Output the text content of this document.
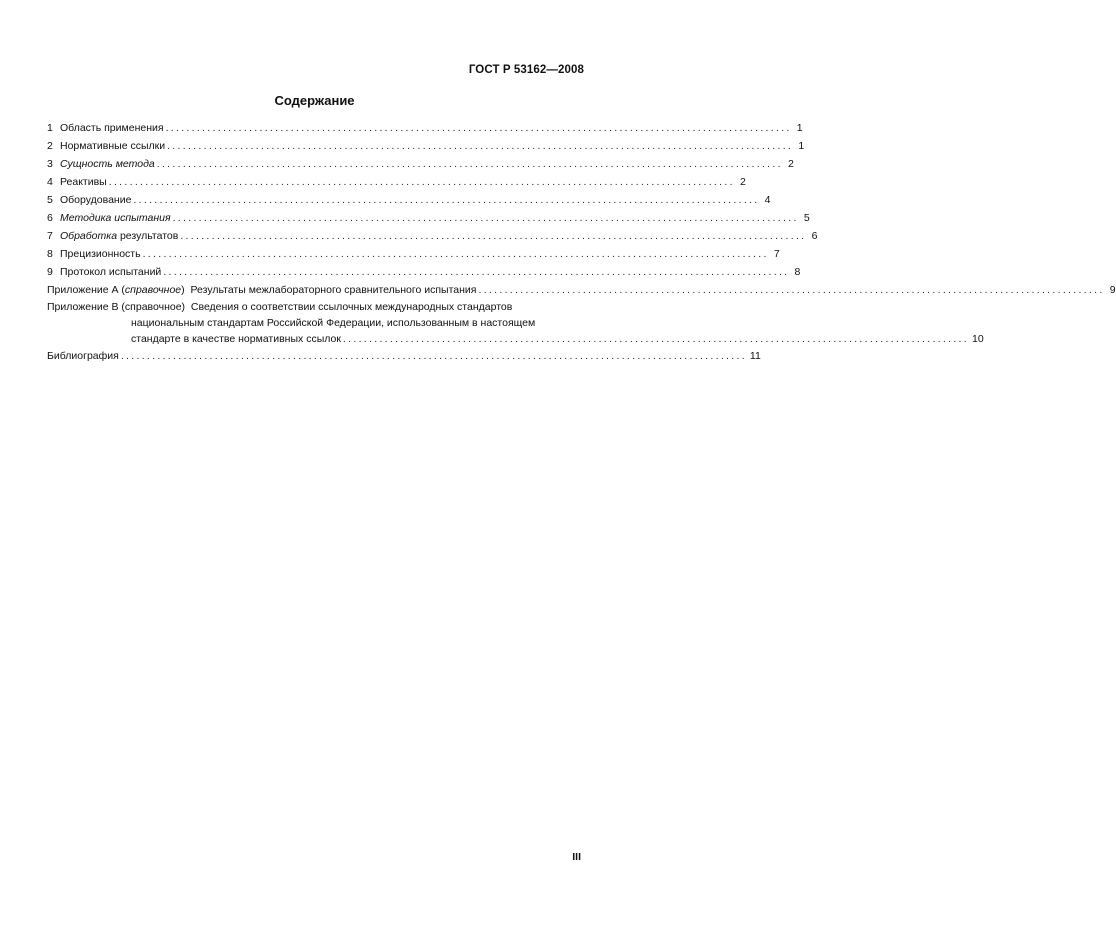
ГОСТ Р 53162—2008
Содержание
1 Область применения ........................................................................................................................ 1
2 Нормативные ссылки ........................................................................................................................ 1
3 Сущность метода ........................................................................................................................ 2
4 Реактивы ........................................................................................................................ 2
5 Оборудование ........................................................................................................................ 4
6 Методика испытания ........................................................................................................................ 5
7 Обработка результатов ........................................................................................................................ 6
8 Прецизионность ........................................................................................................................ 7
9 Протокол испытаний ........................................................................................................................ 8
Приложение А (справочное) Результаты межлабораторного сравнительного испытания ........................................................................................................................ 9
Приложение В (справочное) Сведения о соответствии ссылочных международных стандартов
национальным стандартам Российской Федерации, использованным в настоящем
стандарте в качестве нормативных ссылок ........................................................................................................................ 10
Библиография ........................................................................................................................ 11
III
